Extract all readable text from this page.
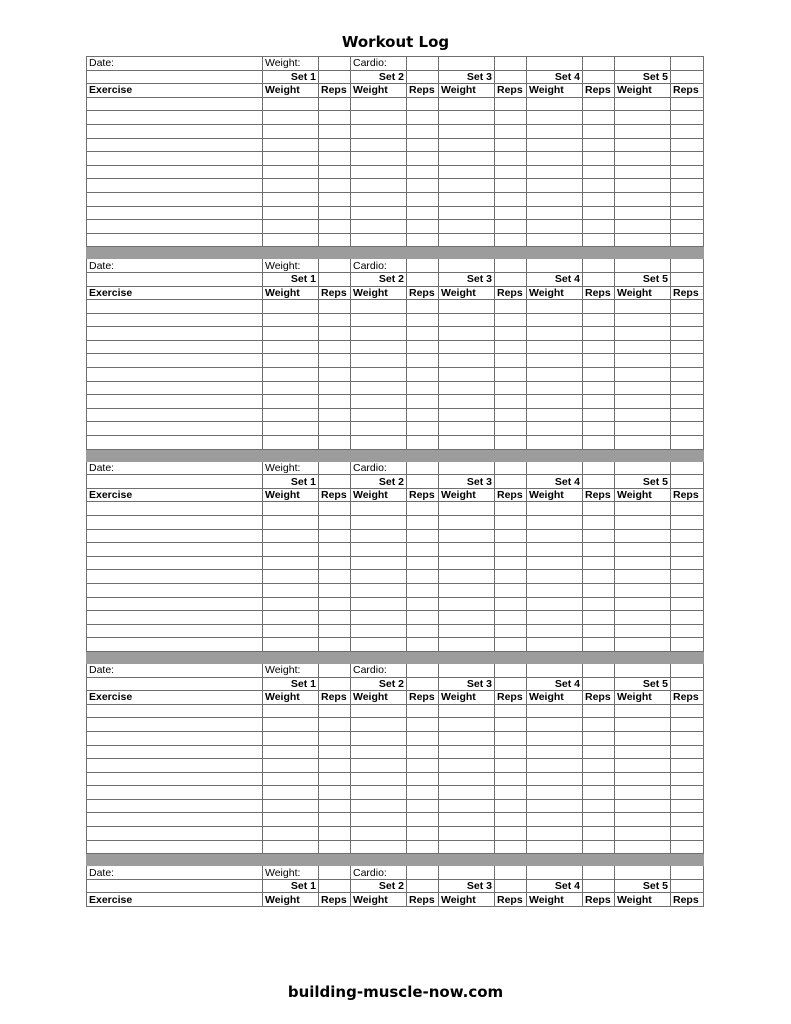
Workout Log
Date:	Weight:		Cardio:							
	Set 1		Set 2		Set 3		Set 4		Set 5	
Exercise	Weight	Reps	Weight	Reps	Weight	Reps	Weight	Reps	Weight	Reps

Date:	Weight:		Cardio:							
	Set 1		Set 2		Set 3		Set 4		Set 5	
Exercise	Weight	Reps	Weight	Reps	Weight	Reps	Weight	Reps	Weight	Reps

Date:	Weight:		Cardio:							
	Set 1		Set 2		Set 3		Set 4		Set 5	
Exercise	Weight	Reps	Weight	Reps	Weight	Reps	Weight	Reps	Weight	Reps

Date:	Weight:		Cardio:							
	Set 1		Set 2		Set 3		Set 4		Set 5	
Exercise	Weight	Reps	Weight	Reps	Weight	Reps	Weight	Reps	Weight	Reps

Date:	Weight:		Cardio:							
	Set 1		Set 2		Set 3		Set 4		Set 5	
Exercise	Weight	Reps	Weight	Reps	Weight	Reps	Weight	Reps	Weight	Reps
building-muscle-now.com
